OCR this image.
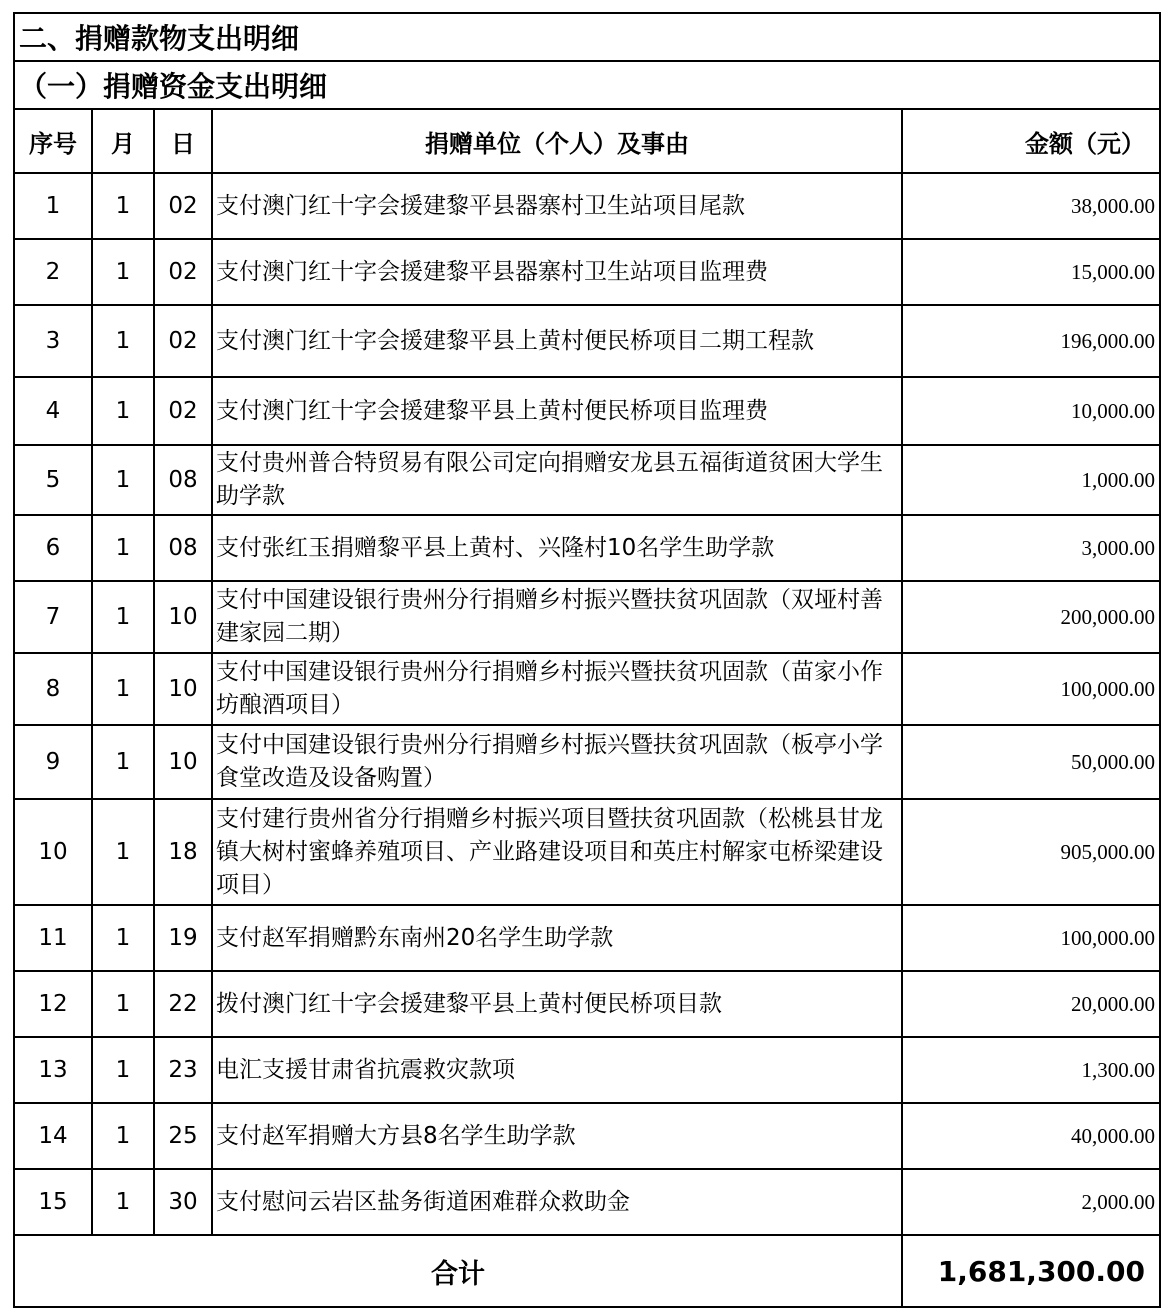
二、捐赠款物支出明细				
（一）捐赠资金支出明细				
序号	月	日	捐赠单位（个人）及事由	金额（元）
1	1	02	支付澳门红十字会援建黎平县器寨村卫生站项目尾款	38,000.00
2	1	02	支付澳门红十字会援建黎平县器寨村卫生站项目监理费	15,000.00
3	1	02	支付澳门红十字会援建黎平县上黄村便民桥项目二期工程款	196,000.00
4	1	02	支付澳门红十字会援建黎平县上黄村便民桥项目监理费	10,000.00
5	1	08	支付贵州普合特贸易有限公司定向捐赠安龙县五福街道贫困大学生助学款	1,000.00
6	1	08	支付张红玉捐赠黎平县上黄村、兴隆村10名学生助学款	3,000.00
7	1	10	支付中国建设银行贵州分行捐赠乡村振兴暨扶贫巩固款（双垭村善建家园二期）	200,000.00
8	1	10	支付中国建设银行贵州分行捐赠乡村振兴暨扶贫巩固款（苗家小作坊酿酒项目）	100,000.00
9	1	10	支付中国建设银行贵州分行捐赠乡村振兴暨扶贫巩固款（板亭小学食堂改造及设备购置）	50,000.00
10	1	18	支付建行贵州省分行捐赠乡村振兴项目暨扶贫巩固款（松桃县甘龙镇大树村蜜蜂养殖项目、产业路建设项目和英庄村解家屯桥梁建设项目）	905,000.00
11	1	19	支付赵军捐赠黔东南州20名学生助学款	100,000.00
12	1	22	拨付澳门红十字会援建黎平县上黄村便民桥项目款	20,000.00
13	1	23	电汇支援甘肃省抗震救灾款项	1,300.00
14	1	25	支付赵军捐赠大方县8名学生助学款	40,000.00
15	1	30	支付慰问云岩区盐务街道困难群众救助金	2,000.00
合计				1,681,300.00
